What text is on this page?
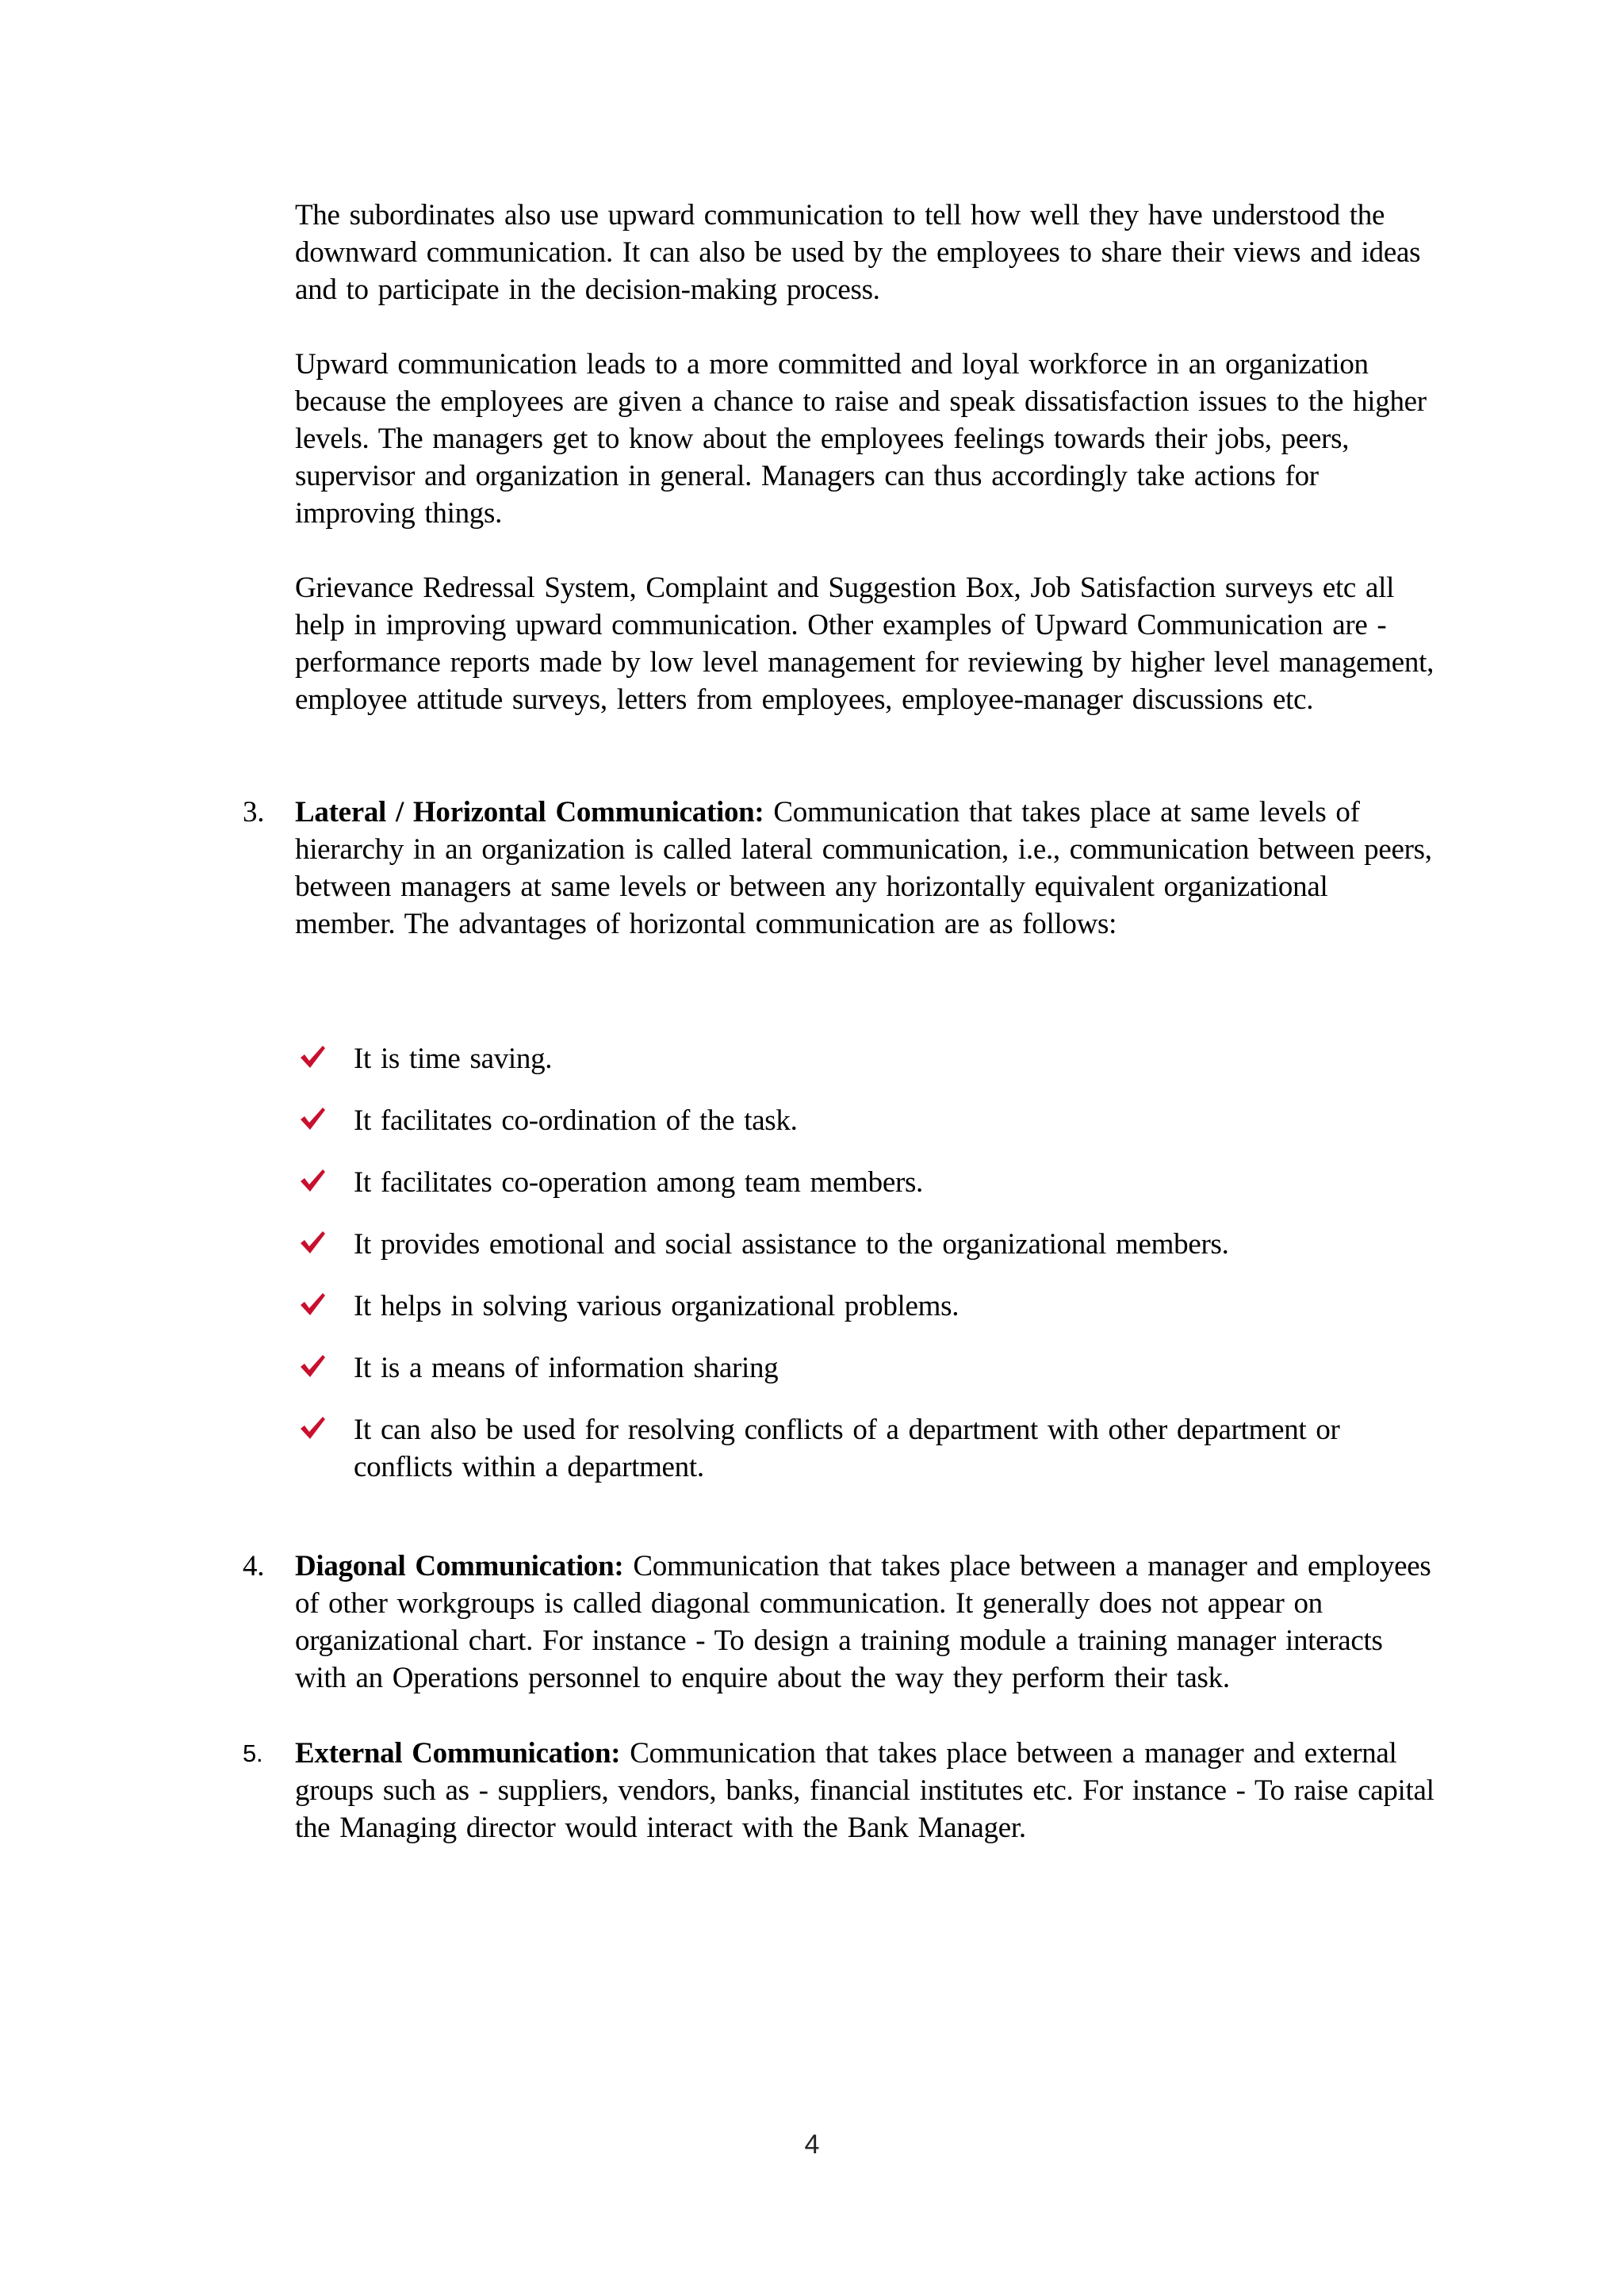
The subordinates also use upward communication to tell how well they have understood the downward communication. It can also be used by the employees to share their views and ideas and to participate in the decision-making process.

Upward communication leads to a more committed and loyal workforce in an organization because the employees are given a chance to raise and speak dissatisfaction issues to the higher levels. The managers get to know about the employees feelings towards their jobs, peers, supervisor and organization in general. Managers can thus accordingly take actions for improving things.

Grievance Redressal System, Complaint and Suggestion Box, Job Satisfaction surveys etc all help in improving upward communication. Other examples of Upward Communication are -performance reports made by low level management for reviewing by higher level management, employee attitude surveys, letters from employees, employee-manager discussions etc.

3.	Lateral / Horizontal Communication: Communication that takes place at same levels of hierarchy in an organization is called lateral communication, i.e., communication between peers, between managers at same levels or between any horizontally equivalent organizational member. The advantages of horizontal communication are as follows:

It is time saving.
It facilitates co-ordination of the task.
It facilitates co-operation among team members.
It provides emotional and social assistance to the organizational members.
It helps in solving various organizational problems.
It is a means of information sharing
It can also be used for resolving conflicts of a department with other department or conflicts within a department.
4.	Diagonal Communication: Communication that takes place between a manager and employees of other workgroups is called diagonal communication. It generally does not appear on organizational chart. For instance - To design a training module a training manager interacts with an Operations personnel to enquire about the way they perform their task.

5.	External Communication: Communication that takes place between a manager and external groups such as - suppliers, vendors, banks, financial institutes etc. For instance - To raise capital the Managing director would interact with the Bank Manager.

4
